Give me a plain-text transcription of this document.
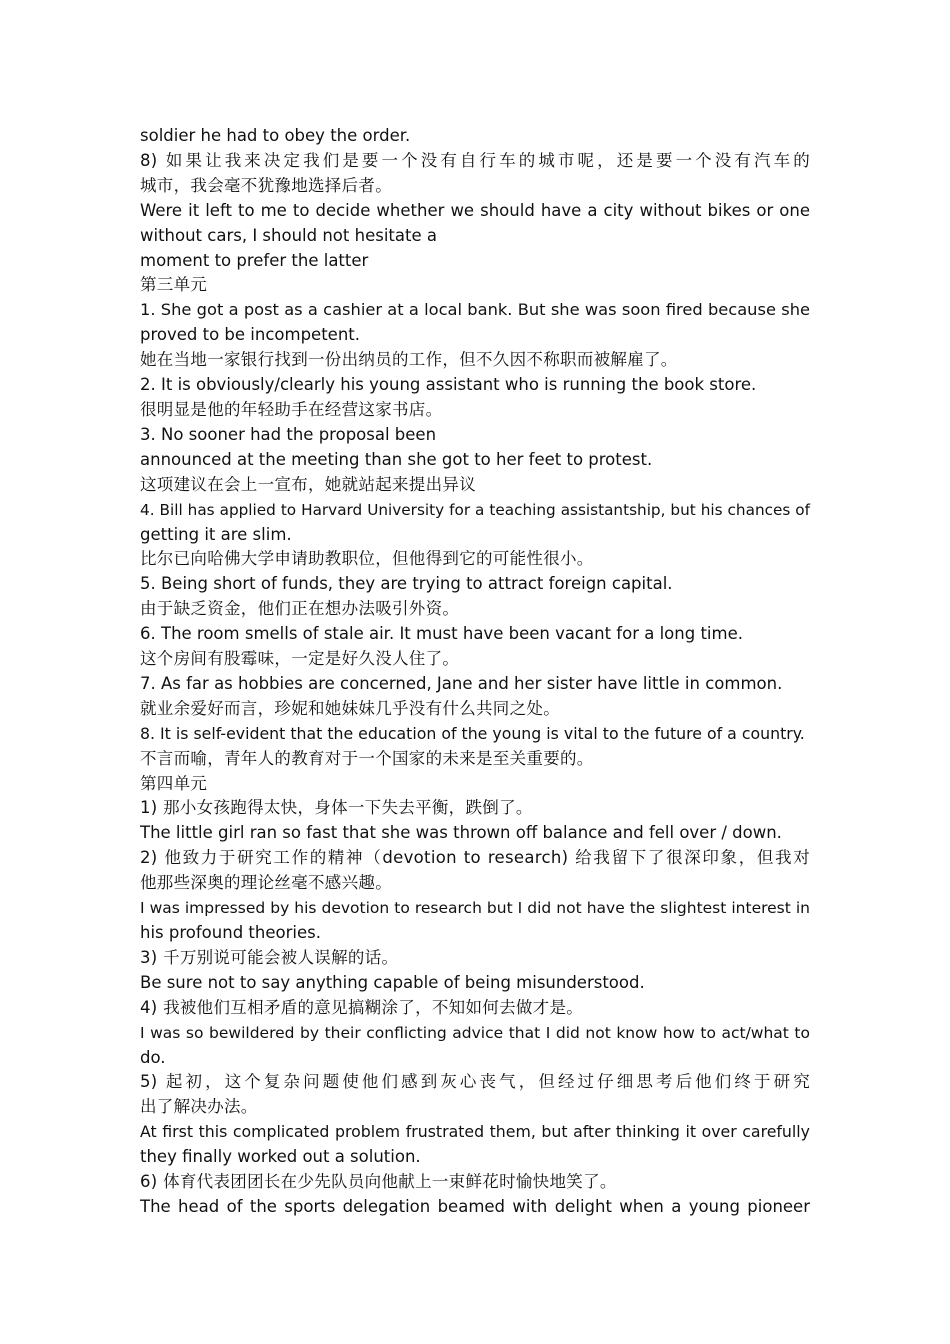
soldier he had to obey the order.

8) 如果让我来决定我们是要一个没有自行车的城市呢，还是要一个没有汽车的

城市，我会毫不犹豫地选择后者。

Were it left to me to decide whether we should have a city without bikes or one

without cars, I should not hesitate a

moment to prefer the latter

第三单元

1. She got a post as a cashier at a local bank. But she was soon fired because she

proved to be incompetent.

她在当地一家银行找到一份出纳员的工作，但不久因不称职而被解雇了。

2. It is obviously/clearly his young assistant who is running the book store.

很明显是他的年轻助手在经营这家书店。

3. No sooner had the proposal been

announced at the meeting than she got to her feet to protest.

这项建议在会上一宣布，她就站起来提出异议

4. Bill has applied to Harvard University for a teaching assistantship, but his chances of

getting it are slim.

比尔已向哈佛大学申请助教职位，但他得到它的可能性很小。

5. Being short of funds, they are trying to attract foreign capital.

由于缺乏资金，他们正在想办法吸引外资。

6. The room smells of stale air. It must have been vacant for a long time.

这个房间有股霉味，一定是好久没人住了。

7. As far as hobbies are concerned, Jane and her sister have little in common.

就业余爱好而言，珍妮和她妹妹几乎没有什么共同之处。

8. It is self-evident that the education of the young is vital to the future of a country.

不言而喻，青年人的教育对于一个国家的未来是至关重要的。

第四单元

1) 那小女孩跑得太快，身体一下失去平衡，跌倒了。

The little girl ran so fast that she was thrown off balance and fell over / down.

2) 他致力于研究工作的精神（devotion to research) 给我留下了很深印象，但我对

他那些深奥的理论丝毫不感兴趣。

I was impressed by his devotion to research but I did not have the slightest interest in

his profound theories.

3) 千万别说可能会被人误解的话。

Be sure not to say anything capable of being misunderstood.

4) 我被他们互相矛盾的意见搞糊涂了，不知如何去做才是。

I was so bewildered by their conflicting advice that I did not know how to act/what to

do.

5) 起初，这个复杂问题使他们感到灰心丧气，但经过仔细思考后他们终于研究

出了解决办法。

At first this complicated problem frustrated them, but after thinking it over carefully

they finally worked out a solution.

6) 体育代表团团长在少先队员向他献上一束鲜花时愉快地笑了。

The head of the sports delegation beamed with delight when a young pioneer
